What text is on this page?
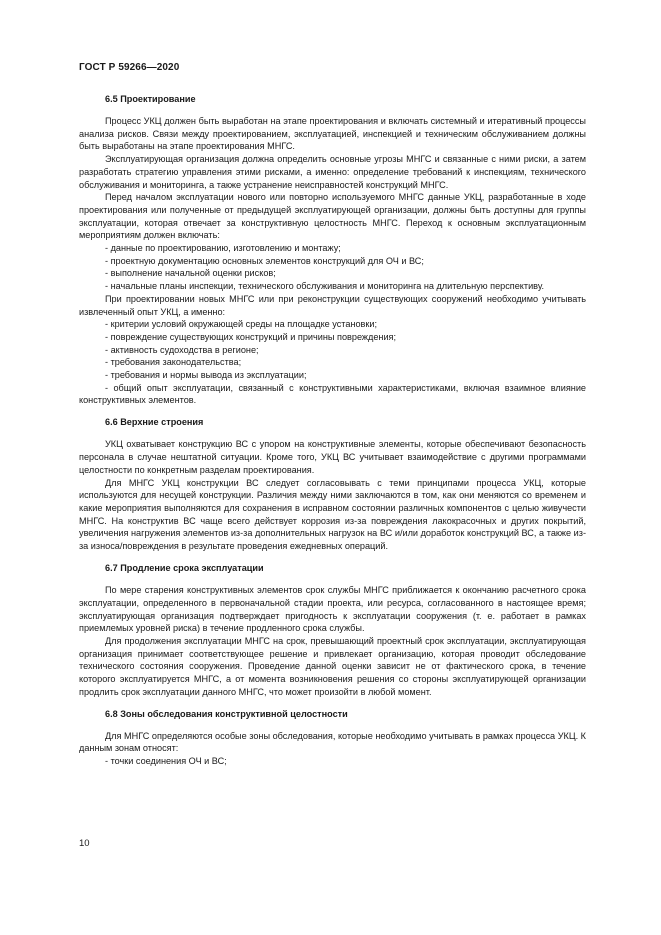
ГОСТ Р 59266—2020
6.5 Проектирование

Процесс УКЦ должен быть выработан на этапе проектирования и включать системный и итеративный процессы анализа рисков. Связи между проектированием, эксплуатацией, инспекцией и техническим обслуживанием должны быть выработаны на этапе проектирования МНГС.

Эксплуатирующая организация должна определить основные угрозы МНГС и связанные с ними риски, а затем разработать стратегию управления этими рисками, а именно: определение требований к инспекциям, технического обслуживания и мониторинга, а также устранение неисправностей конструкций МНГС.

Перед началом эксплуатации нового или повторно используемого МНГС данные УКЦ, разработанные в ходе проектирования или полученные от предыдущей эксплуатирующей организации, должны быть доступны для группы эксплуатации, которая отвечает за конструктивную целостность МНГС. Переход к основным эксплуатационным мероприятиям должен включать:

- данные по проектированию, изготовлению и монтажу;

- проектную документацию основных элементов конструкций для ОЧ и ВС;

- выполнение начальной оценки рисков;

- начальные планы инспекции, технического обслуживания и мониторинга на длительную перспективу.

При проектировании новых МНГС или при реконструкции существующих сооружений необходимо учитывать извлеченный опыт УКЦ, а именно:

- критерии условий окружающей среды на площадке установки;

- повреждение существующих конструкций и причины повреждения;

- активность судоходства в регионе;

- требования законодательства;

- требования и нормы вывода из эксплуатации;

- общий опыт эксплуатации, связанный с конструктивными характеристиками, включая взаимное влияние конструктивных элементов.

6.6 Верхние строения

УКЦ охватывает конструкцию ВС с упором на конструктивные элементы, которые обеспечивают безопасность персонала в случае нештатной ситуации. Кроме того, УКЦ ВС учитывает взаимодействие с другими программами целостности по конкретным разделам проектирования.

Для МНГС УКЦ конструкции ВС следует согласовывать с теми принципами процесса УКЦ, которые используются для несущей конструкции. Различия между ними заключаются в том, как они меняются со временем и какие мероприятия выполняются для сохранения в исправном состоянии различных компонентов с целью живучести МНГС. На конструктив ВС чаще всего действует коррозия из-за повреждения лакокрасочных и других покрытий, увеличения нагружения элементов из-за дополнительных нагрузок на ВС и/или доработок конструкций ВС, а также из-за износа/повреждения в результате проведения ежедневных операций.

6.7 Продление срока эксплуатации

По мере старения конструктивных элементов срок службы МНГС приближается к окончанию расчетного срока эксплуатации, определенного в первоначальной стадии проекта, или ресурса, согласованного в настоящее время; эксплуатирующая организация подтверждает пригодность к эксплуатации сооружения (т. е. работает в рамках приемлемых уровней риска) в течение продленного срока службы.

Для продолжения эксплуатации МНГС на срок, превышающий проектный срок эксплуатации, эксплуатирующая организация принимает соответствующее решение и привлекает организацию, которая проводит обследование технического состояния сооружения. Проведение данной оценки зависит не от фактического срока, в течение которого эксплуатируется МНГС, а от момента возникновения решения со стороны эксплуатирующей организации продлить срок эксплуатации данного МНГС, что может произойти в любой момент.

6.8 Зоны обследования конструктивной целостности

Для МНГС определяются особые зоны обследования, которые необходимо учитывать в рамках процесса УКЦ. К данным зонам относят:

- точки соединения ОЧ и ВС;

10
